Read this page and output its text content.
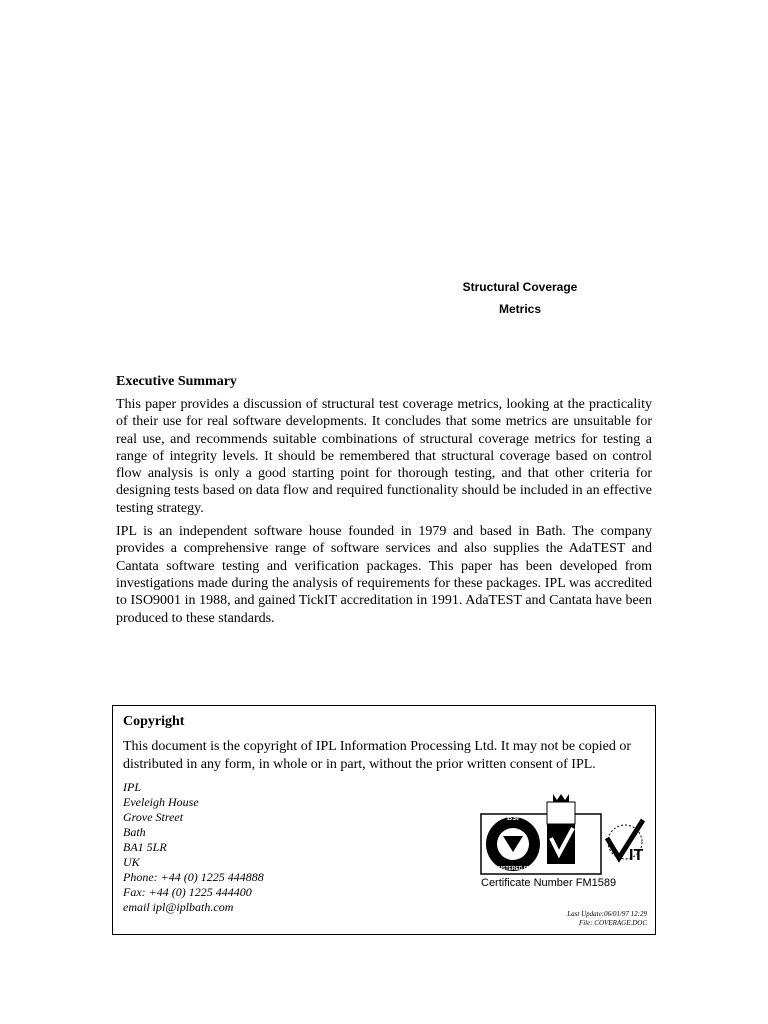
Structural Coverage
Metrics
Executive Summary

This paper provides a discussion of structural test coverage metrics, looking at the practicality of their use for real software developments. It concludes that some metrics are unsuitable for real use, and recommends suitable combinations of structural coverage metrics for testing a range of integrity levels. It should be remembered that structural coverage based on control flow analysis is only a good starting point for thorough testing, and that other criteria for designing tests based on data flow and required functionality should be included in an effective testing strategy.

IPL is an independent software house founded in 1979 and based in Bath. The company provides a comprehensive range of software services and also supplies the AdaTEST and Cantata software testing and verification packages. This paper has been developed from investigations made during the analysis of requirements for these packages. IPL was accredited to ISO9001 in 1988, and gained TickIT accreditation in 1991. AdaTEST and Cantata have been produced to these standards.

Copyright

This document is the copyright of IPL Information Processing Ltd. It may not be copied or distributed in any form, in whole or in part, without the prior written consent of IPL.

IPL
Eveleigh House
Grove Street
Bath
BA1 5LR
UK
Phone: +44 (0) 1225 444888
Fax: +44 (0) 1225 444400
email ipl@iplbath.com
BSI
REGISTERED FIRM
IT
Certificate Number FM1589
Last Update:06/01/97 12:29
File: COVERAGE.DOC
